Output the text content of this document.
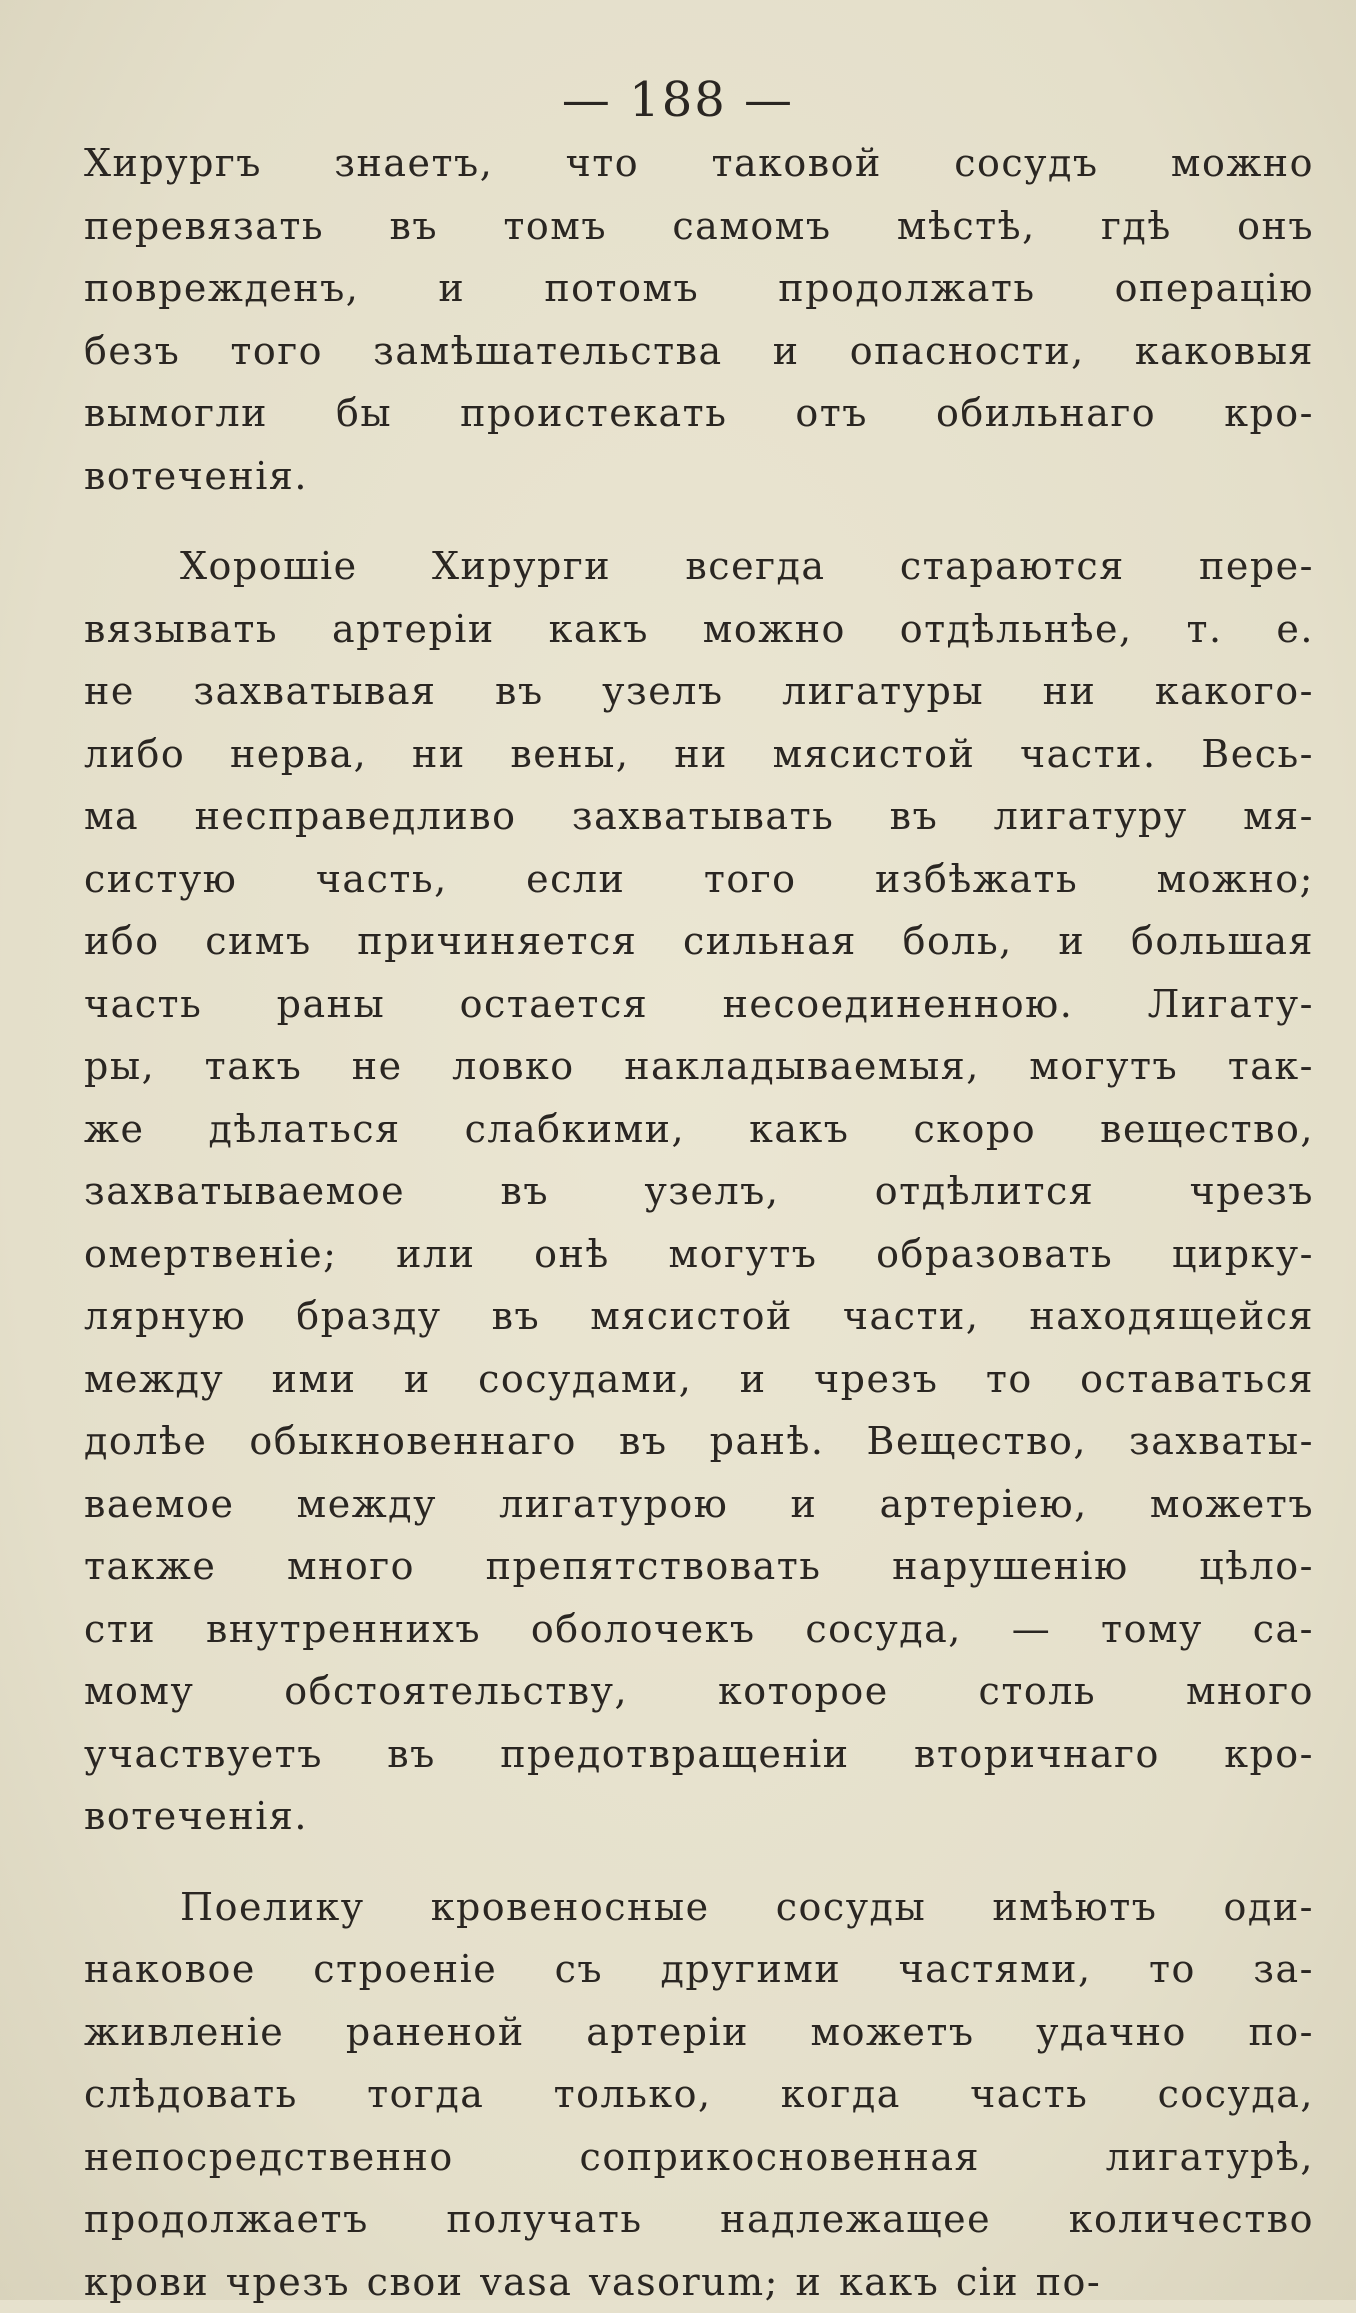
— 188 —
Хирургъ знаетъ, что таковой сосудъ можно
перевязать въ томъ самомъ мѣстѣ, гдѣ онъ
поврежденъ, и потомъ продолжать операцію
безъ того замѣшательства и опасности, каковыя
вымогли бы проистекать отъ обильнаго кро-
вотеченія.
Хорошіе Хирурги всегда стараются пере-
вязывать артеріи какъ можно отдѣльнѣе, т. е.
не захватывая въ узелъ лигатуры ни какого-
либо нерва, ни вены, ни мясистой части. Весь-
ма несправедливо захватывать въ лигатуру мя-
систую часть, если того избѣжать можно;
ибо симъ причиняется сильная боль, и большая
часть раны остается несоединенною. Лигату-
ры, такъ не ловко накладываемыя, могутъ так-
же дѣлаться слабкими, какъ скоро вещество,
захватываемое въ узелъ, отдѣлится чрезъ
омертвеніе; или онѣ могутъ образовать цирку-
лярную бразду въ мясистой части, находящейся
между ими и сосудами, и чрезъ то оставаться
долѣе обыкновеннаго въ ранѣ. Вещество, захваты-
ваемое между лигатурою и артеріею, можетъ
также много препятствовать нарушенію цѣло-
сти внутреннихъ оболочекъ сосуда, — тому са-
мому обстоятельству, которое столь много
участвуетъ въ предотвращеніи вторичнаго кро-
вотеченія.
Поелику кровеносные сосуды имѣютъ оди-
наковое строеніе съ другими частями, то за-
живленіе раненой артеріи можетъ удачно по-
слѣдовать тогда только, когда часть сосуда,
непосредственно соприкосновенная лигатурѣ,
продолжаетъ получать надлежащее количество
крови чрезъ свои vasa vasorum; и какъ сіи по-
